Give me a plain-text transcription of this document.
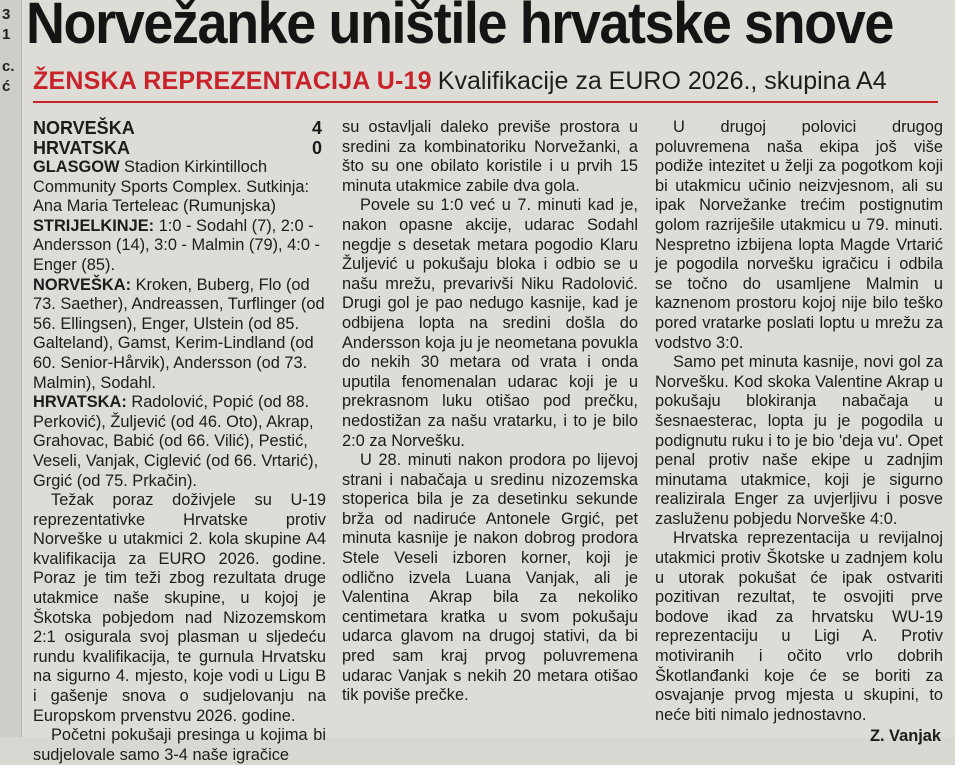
3
1
c.
ć
Norvežanke uništile hrvatske snove
ŽENSKA REPREZENTACIJA U-19 Kvalifikacije za EURO 2026., skupina A4
NORVEŠKA	4
HRVATSKA	0

GLASGOW Stadion Kirkintilloch Community Sports Complex. Sutkinja: Ana Maria Terteleac (Rumunjska)

STRIJELKINJE: 1:0 - Sodahl (7), 2:0 - Andersson (14), 3:0 - Malmin (79), 4:0 - Enger (85).

NORVEŠKA: Kroken, Buberg, Flo (od 73. Saether), Andreassen, Turflinger (od 56. Ellingsen), Enger, Ulstein (od 85. Galteland), Gamst, Kerim-Lindland (od 60. Senior-Hårvik), Andersson (od 73. Malmin), Sodahl.

HRVATSKA: Radolović, Popić (od 88. Perković), Žuljević (od 46. Oto), Akrap, Grahovac, Babić (od 66. Vilić), Pestić, Veseli, Vanjak, Ciglević (od 66. Vrtarić), Grgić (od 75. Prkačin).

Težak poraz doživjele su U-19 reprezentativke Hrvatske protiv Norveške u utakmici 2. kola skupine A4 kvalifikacija za EURO 2026. godine. Poraz je tim teži zbog rezultata druge utakmice naše skupine, u kojoj je Škotska pobjedom nad Nizozemskom 2:1 osigurala svoj plasman u sljedeću rundu kvalifikacija, te gurnula Hrvatsku na sigurno 4. mjesto, koje vodi u Ligu B i gašenje snova o sudjelovanju na Europskom prvenstvu 2026. godine.

Početni pokušaji presinga u kojima bi sudjelovale samo 3-4 naše igračice

su ostavljali daleko previše prostora u sredini za kombinatoriku Norvežanki, a što su one obilato koristile i u prvih 15 minuta utakmice zabile dva gola.

Povele su 1:0 već u 7. minuti kad je, nakon opasne akcije, udarac Sodahl negdje s desetak metara pogodio Klaru Žuljević u pokušaju bloka i odbio se u našu mrežu, prevarivši Niku Radolović. Drugi gol je pao nedugo kasnije, kad je odbijena lopta na sredini došla do Andersson koja ju je neometana povukla do nekih 30 metara od vrata i onda uputila fenomenalan udarac koji je u prekrasnom luku otišao pod prečku, nedostižan za našu vratarku, i to je bilo 2:0 za Norvešku.

U 28. minuti nakon prodora po lijevoj strani i nabačaja u sredinu nizozemska stoperica bila je za desetinku sekunde brža od nadiruće Antonele Grgić, pet minuta kasnije je nakon dobrog prodora Stele Veseli izboren korner, koji je odlično izvela Luana Vanjak, ali je Valentina Akrap bila za nekoliko centimetara kratka u svom pokušaju udarca glavom na drugoj stativi, da bi pred sam kraj prvog poluvremena udarac Vanjak s nekih 20 metara otišao tik poviše prečke.

U drugoj polovici drugog poluvremena naša ekipa još više podiže intezitet u želji za pogotkom koji bi utakmicu učinio neizvjesnom, ali su ipak Norvežanke trećim postignutim golom razriješile utakmicu u 79. minuti. Nespretno izbijena lopta Magde Vrtarić je pogodila norvešku igračicu i odbila se točno do usamljene Malmin u kaznenom prostoru kojoj nije bilo teško pored vratarke poslati loptu u mrežu za vodstvo 3:0.

Samo pet minuta kasnije, novi gol za Norvešku. Kod skoka Valentine Akrap u pokušaju blokiranja nabačaja u šesnaesterac, lopta ju je pogodila u podignutu ruku i to je bio 'deja vu'. Opet penal protiv naše ekipe u zadnjim minutama utakmice, koji je sigurno realizirala Enger za uvjerljivu i posve zasluženu pobjedu Norveške 4:0.

Hrvatska reprezentacija u revijalnoj utakmici protiv Škotske u zadnjem kolu u utorak pokušat će ipak ostvariti pozitivan rezultat, te osvojiti prve bodove ikad za hrvatsku WU-19 reprezentaciju u Ligi A. Protiv motiviranih i očito vrlo dobrih Škotlanđanki koje će se boriti za osvajanje prvog mjesta u skupini, to neće biti nimalo jednostavno.

Z. Vanjak
